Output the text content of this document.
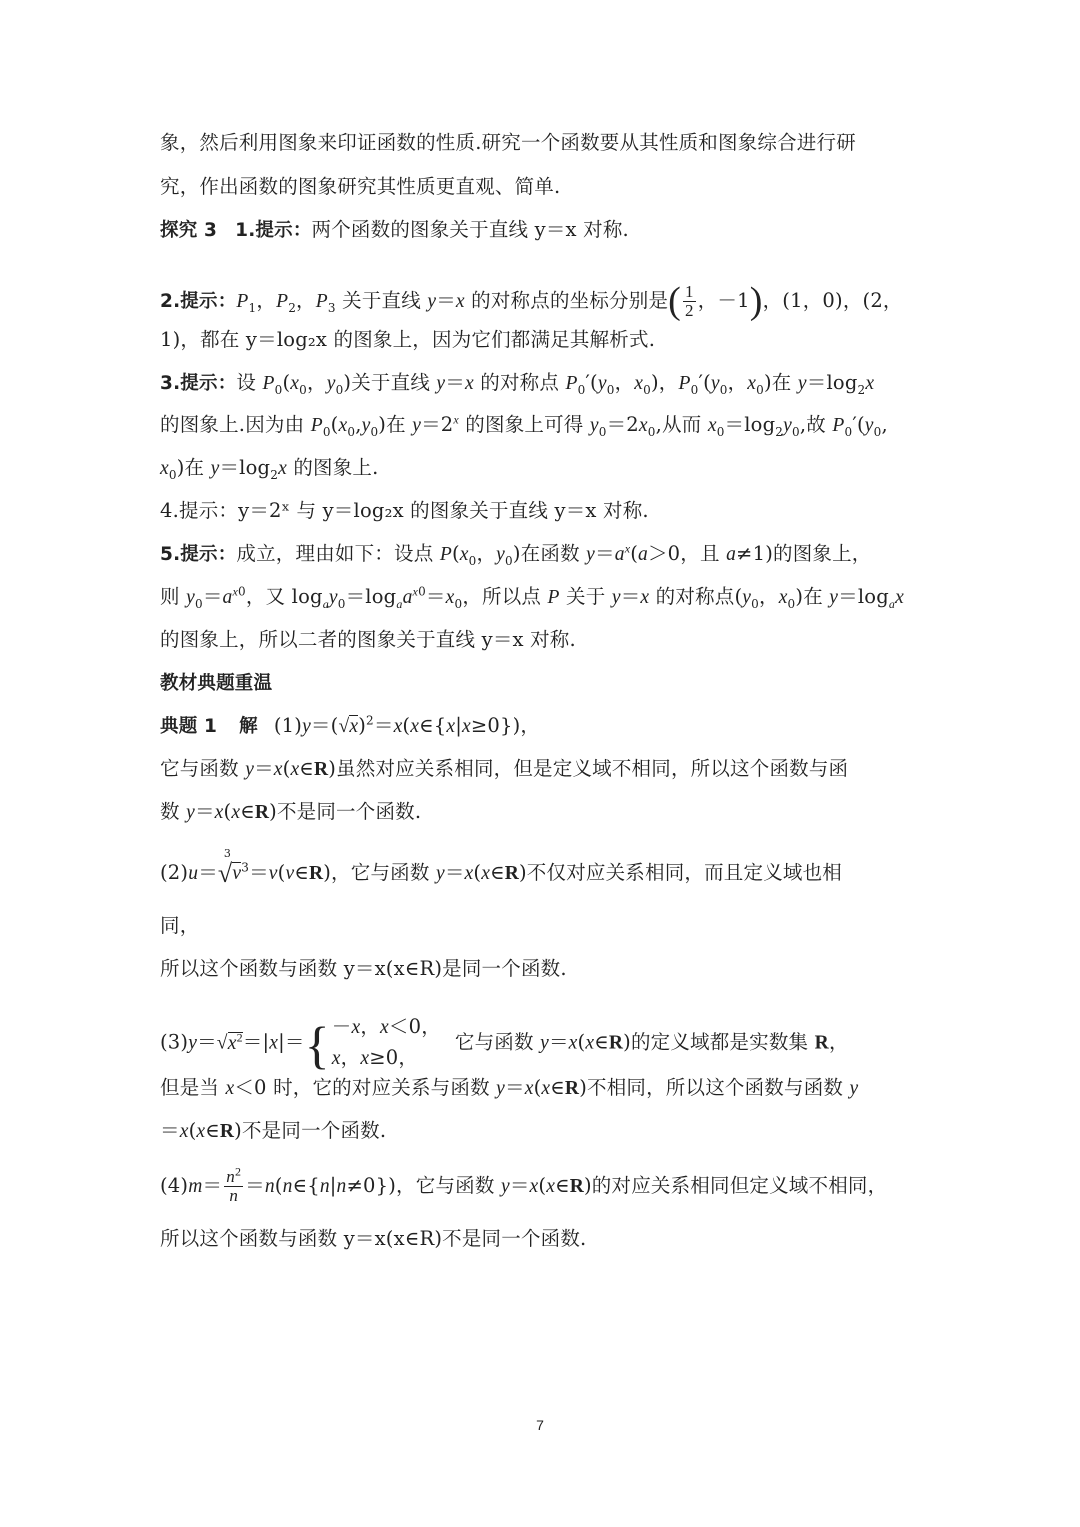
象，然后利用图象来印证函数的性质.研究一个函数要从其性质和图象综合进行研
究，作出函数的图象研究其性质更直观、简单.
探究 3 1.提示：两个函数的图象关于直线 y＝x 对称.
2.提示：$P_1$，$P_2$，$P_3$ 关于直线 y＝x 的对称点的坐标分别是( $\frac{1}{2}$ ，－1)，(1，0)，(2，
1)，都在 y＝log₂x 的图象上，因为它们都满足其解析式.
3.提示：设 $P_0(x_0$，$y_0$)关于直线 y＝x 的对称点 $P_0'(y_0$，$x_0$)，$P_0'(y_0$，$x_0$)在 $y=\log_2x$
的图象上.因为由 $P_0(x_0,y_0)$在 $y=2^x$ 的图象上可得 $y_0=2x_0$,从而 $x_0=\log_2y_0$,故 $P_0'(y_0$,
$x_0$)在 $y=\log_2x$ 的图象上.
4.提示：y＝2ˣ 与 y＝log₂x 的图象关于直线 y＝x 对称.
5.提示：成立，理由如下：设点 $P(x_0$，$y_0$)在函数 $y=a^x(a>0$，且 a≠1)的图象上，
则 $y_0=a^{x0}$，又 $\log_ay_0=\log_aa^{x0}=x_0$，所以点 P 关于 y＝x 的对称点($y_0$，$x_0$)在 $y=\log_ax$
的图象上，所以二者的图象关于直线 y＝x 对称.
教材典题重温
典题 1 解 $(1)y=(√x)^2=x(x\in\{x|x\ge 0\})$，
它与函数 y＝x(x∈R)虽然对应关系相同，但是定义域不相同，所以这个函数与函
数 y＝x(x∈R)不是同一个函数.
(2)u＝
3
$√v^3=v(v\in R)$，它与函数 y＝x(x∈R)不仅对应关系相同，而且定义域也相
同，
所以这个函数与函数 y＝x(x∈R)是同一个函数.
$(3)y=√x^2=|x|=\{ -x$，x＜0，
x，x≥0，
它与函数 y＝x(x∈R)的定义域都是实数集 R，
但是当 x＜0 时，它的对应关系与函数 y＝x(x∈R)不相同，所以这个函数与函数 y
＝x(x∈R)不是同一个函数.
$(4)m= \frac{n^2}{n}$ ＝n(n∈{n|n≠0})，它与函数 y＝x(x∈R)的对应关系相同但定义域不相同，
所以这个函数与函数 y＝x(x∈R)不是同一个函数.
7
